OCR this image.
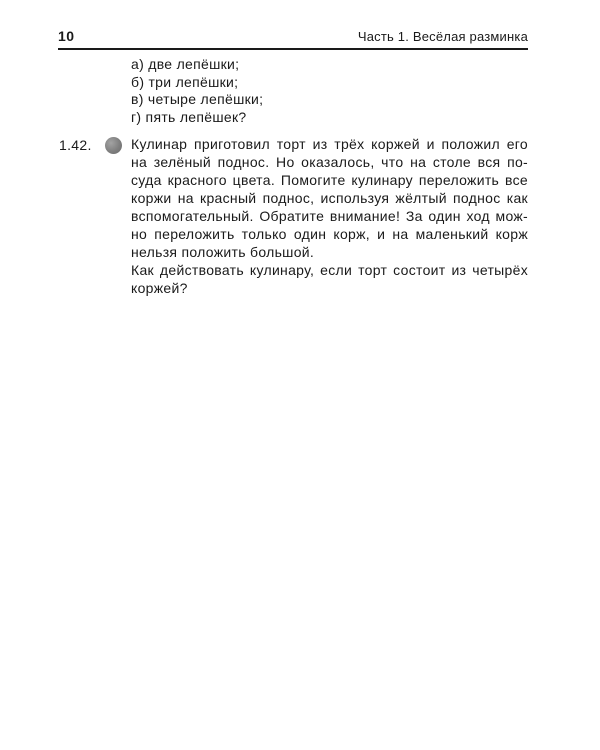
10	Часть 1. Весёлая разминка
а) две лепёшки;
б) три лепёшки;
в) четыре лепёшки;
г) пять лепёшек?
1.42.	Кулинар приготовил торт из трёх коржей и положил его
на зелёный поднос. Но оказалось, что на столе вся по-
суда красного цвета. Помогите кулинару переложить все
коржи на красный поднос, используя жёлтый поднос как
вспомогательный. Обратите внимание! За один ход мож-
но переложить только один корж, и на маленький корж
нельзя положить большой.
Как действовать кулинару, если торт состоит из четырёх
коржей?
